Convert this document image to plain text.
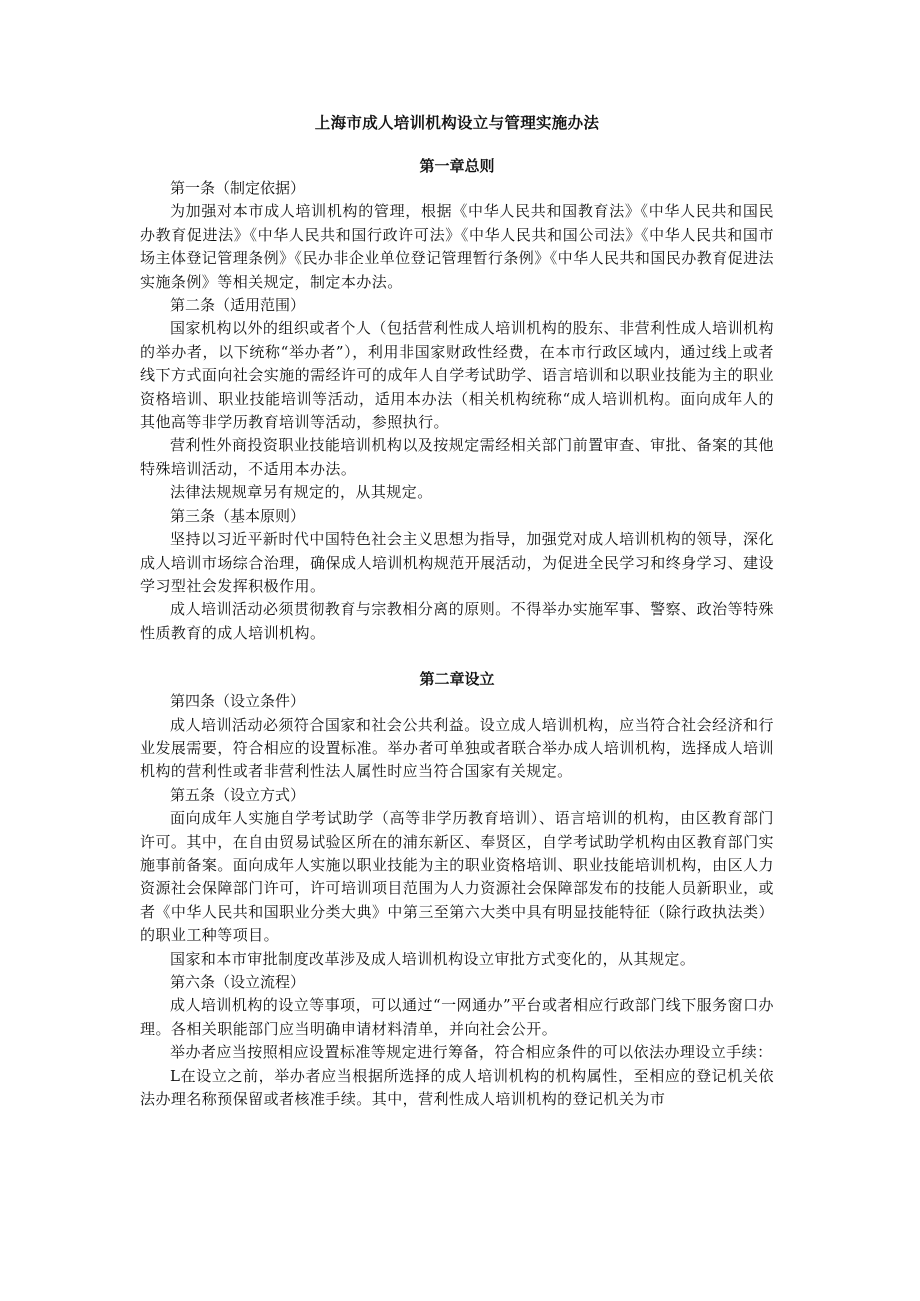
上海市成人培训机构设立与管理实施办法
第一章总则

第一条（制定依据）

为加强对本市成人培训机构的管理，根据《中华人民共和国教育法》《中华人民共和国民办教育促进法》《中华人民共和国行政许可法》《中华人民共和国公司法》《中华人民共和国市场主体登记管理条例》《民办非企业单位登记管理暂行条例》《中华人民共和国民办教育促进法实施条例》等相关规定，制定本办法。

第二条（适用范围）

国家机构以外的组织或者个人（包括营利性成人培训机构的股东、非营利性成人培训机构的举办者，以下统称“举办者”），利用非国家财政性经费，在本市行政区域内，通过线上或者线下方式面向社会实施的需经许可的成年人自学考试助学、语言培训和以职业技能为主的职业资格培训、职业技能培训等活动，适用本办法（相关机构统称“成人培训机构。面向成年人的其他高等非学历教育培训等活动，参照执行。

营利性外商投资职业技能培训机构以及按规定需经相关部门前置审查、审批、备案的其他特殊培训活动，不适用本办法。

法律法规规章另有规定的，从其规定。

第三条（基本原则）

坚持以习近平新时代中国特色社会主义思想为指导，加强党对成人培训机构的领导，深化成人培训市场综合治理，确保成人培训机构规范开展活动，为促进全民学习和终身学习、建设学习型社会发挥积极作用。

成人培训活动必须贯彻教育与宗教相分离的原则。不得举办实施军事、警察、政治等特殊性质教育的成人培训机构。

第二章设立

第四条（设立条件）

成人培训活动必须符合国家和社会公共利益。设立成人培训机构，应当符合社会经济和行业发展需要，符合相应的设置标准。举办者可单独或者联合举办成人培训机构，选择成人培训机构的营利性或者非营利性法人属性时应当符合国家有关规定。

第五条（设立方式）

面向成年人实施自学考试助学（高等非学历教育培训）、语言培训的机构，由区教育部门许可。其中，在自由贸易试验区所在的浦东新区、奉贤区，自学考试助学机构由区教育部门实施事前备案。面向成年人实施以职业技能为主的职业资格培训、职业技能培训机构，由区人力资源社会保障部门许可，许可培训项目范围为人力资源社会保障部发布的技能人员新职业，或者《中华人民共和国职业分类大典》中第三至第六大类中具有明显技能特征（除行政执法类）的职业工种等项目。

国家和本市审批制度改革涉及成人培训机构设立审批方式变化的，从其规定。

第六条（设立流程）

成人培训机构的设立等事项，可以通过“一网通办”平台或者相应行政部门线下服务窗口办理。各相关职能部门应当明确申请材料清单，并向社会公开。

举办者应当按照相应设置标准等规定进行筹备，符合相应条件的可以依法办理设立手续：

L在设立之前，举办者应当根据所选择的成人培训机构的机构属性，至相应的登记机关依法办理名称预保留或者核准手续。其中，营利性成人培训机构的登记机关为市
